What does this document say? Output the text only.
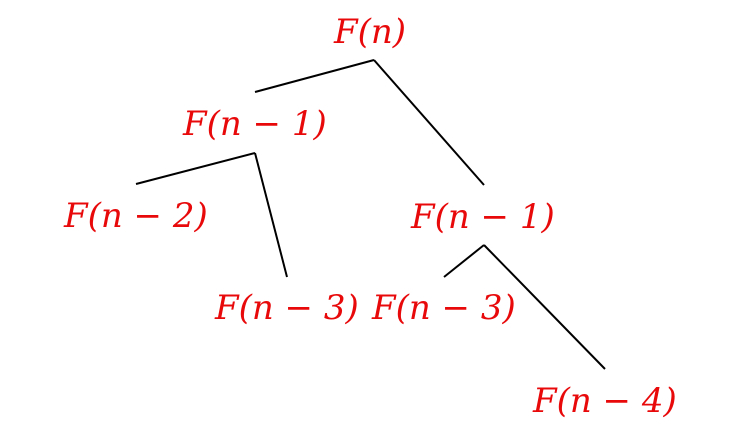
F(n)
F(n − 1)
F(n − 2)
F(n − 3)
F(n − 1)
F(n − 3)
F(n − 4)
